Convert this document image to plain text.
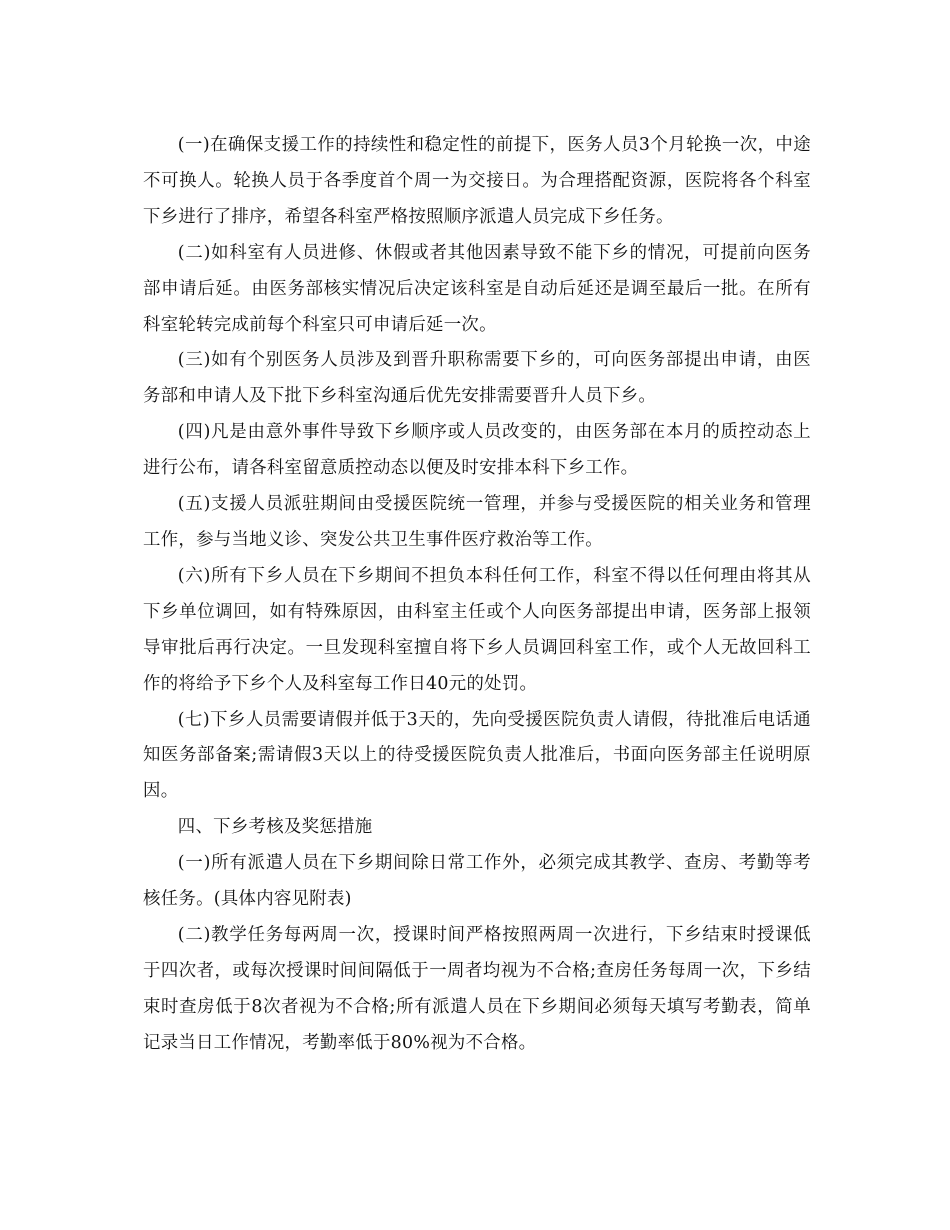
(一)在确保支援工作的持续性和稳定性的前提下，医务人员3个月轮换一次，中途不可换人。轮换人员于各季度首个周一为交接日。为合理搭配资源，医院将各个科室下乡进行了排序，希望各科室严格按照顺序派遣人员完成下乡任务。

(二)如科室有人员进修、休假或者其他因素导致不能下乡的情况，可提前向医务部申请后延。由医务部核实情况后决定该科室是自动后延还是调至最后一批。在所有科室轮转完成前每个科室只可申请后延一次。

(三)如有个别医务人员涉及到晋升职称需要下乡的，可向医务部提出申请，由医务部和申请人及下批下乡科室沟通后优先安排需要晋升人员下乡。

(四)凡是由意外事件导致下乡顺序或人员改变的，由医务部在本月的质控动态上进行公布，请各科室留意质控动态以便及时安排本科下乡工作。

(五)支援人员派驻期间由受援医院统一管理，并参与受援医院的相关业务和管理工作，参与当地义诊、突发公共卫生事件医疗救治等工作。

(六)所有下乡人员在下乡期间不担负本科任何工作，科室不得以任何理由将其从下乡单位调回，如有特殊原因，由科室主任或个人向医务部提出申请，医务部上报领导审批后再行决定。一旦发现科室擅自将下乡人员调回科室工作，或个人无故回科工作的将给予下乡个人及科室每工作日40元的处罚。

(七)下乡人员需要请假并低于3天的，先向受援医院负责人请假，待批准后电话通知医务部备案;需请假3天以上的待受援医院负责人批准后，书面向医务部主任说明原因。

四、下乡考核及奖惩措施

(一)所有派遣人员在下乡期间除日常工作外，必须完成其教学、查房、考勤等考核任务。(具体内容见附表)

(二)教学任务每两周一次，授课时间严格按照两周一次进行，下乡结束时授课低于四次者，或每次授课时间间隔低于一周者均视为不合格;查房任务每周一次，下乡结束时查房低于8次者视为不合格;所有派遣人员在下乡期间必须每天填写考勤表，简单记录当日工作情况，考勤率低于80%视为不合格。
